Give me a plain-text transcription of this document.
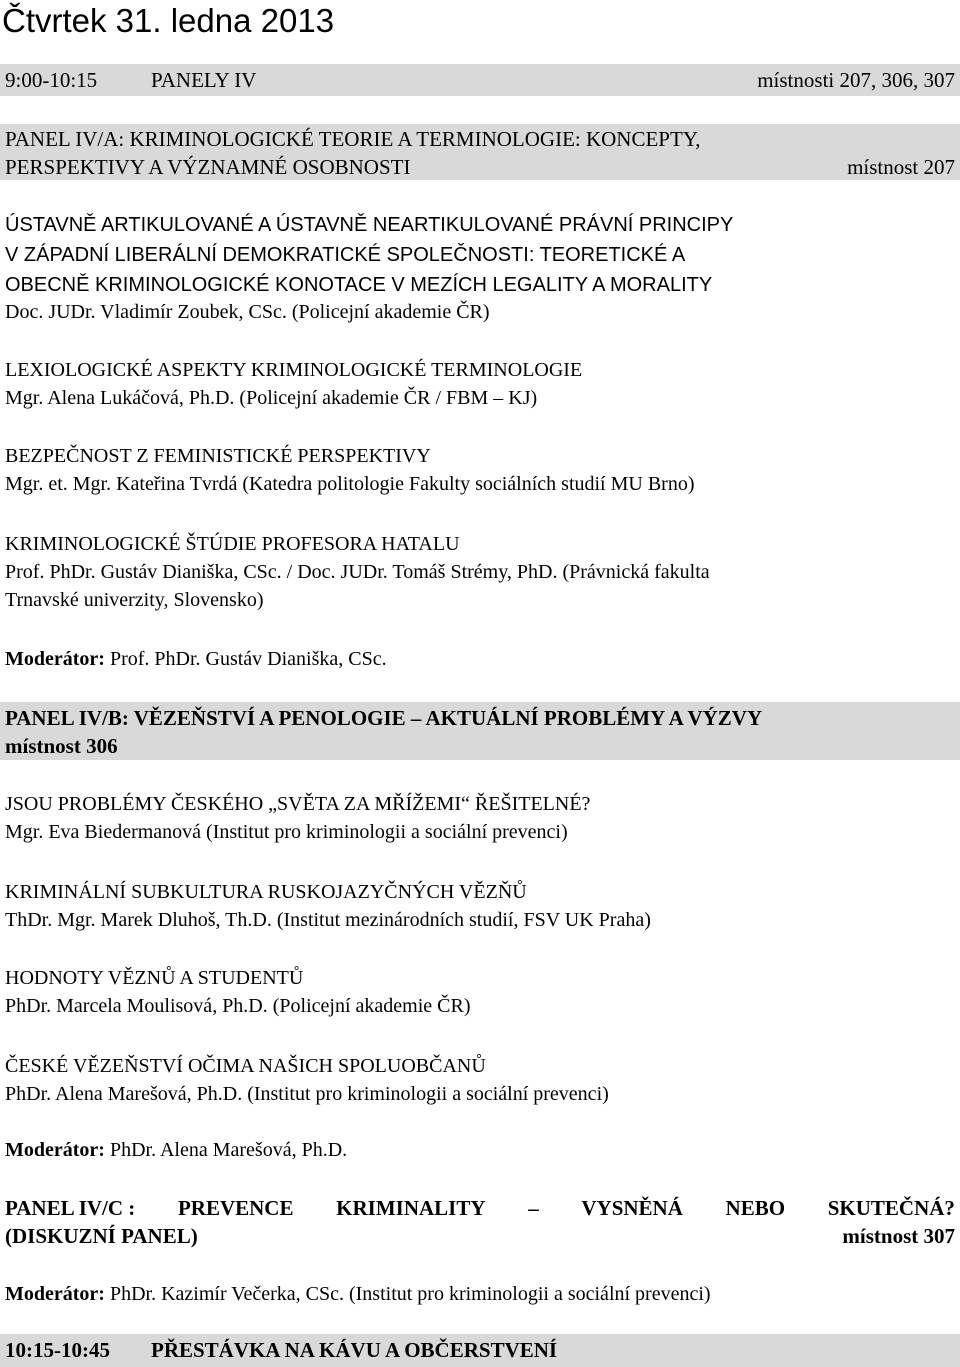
Čtvrtek 31. ledna 2013
9:00-10:15	PANELY IV	místnosti 207, 306, 307
PANEL IV/A: KRIMINOLOGICKÉ TEORIE A TERMINOLOGIE: KONCEPTY,
PERSPEKTIVY A VÝZNAMNÉ OSOBNOSTI	místnost 207
ÚSTAVNĚ ARTIKULOVANÉ A ÚSTAVNĚ NEARTIKULOVANÉ PRÁVNÍ PRINCIPY
V ZÁPADNÍ LIBERÁLNÍ DEMOKRATICKÉ SPOLEČNOSTI: TEORETICKÉ A
OBECNĚ KRIMINOLOGICKÉ KONOTACE V MEZÍCH LEGALITY A MORALITY
Doc. JUDr. Vladimír Zoubek, CSc. (Policejní akademie ČR)
LEXIOLOGICKÉ ASPEKTY KRIMINOLOGICKÉ TERMINOLOGIE
Mgr. Alena Lukáčová, Ph.D. (Policejní akademie ČR / FBM – KJ)
BEZPEČNOST Z FEMINISTICKÉ PERSPEKTIVY
Mgr. et. Mgr. Kateřina Tvrdá (Katedra politologie Fakulty sociálních studií MU Brno)
KRIMINOLOGICKÉ ŠTÚDIE PROFESORA HATALU
Prof. PhDr. Gustáv Dianiška, CSc. / Doc. JUDr. Tomáš Strémy, PhD. (Právnická fakulta
Trnavské univerzity, Slovensko)
Moderátor: Prof. PhDr. Gustáv Dianiška, CSc.
PANEL IV/B: VĚZEŇSTVÍ A PENOLOGIE – AKTUÁLNÍ PROBLÉMY A VÝZVY
místnost 306
JSOU PROBLÉMY ČESKÉHO „SVĚTA ZA MŘÍŽEMI“ ŘEŠITELNÉ?
Mgr. Eva Biedermanová (Institut pro kriminologii a sociální prevenci)
KRIMINÁLNÍ SUBKULTURA RUSKOJAZYČNÝCH VĚZŇŮ
ThDr. Mgr. Marek Dluhoš, Th.D. (Institut mezinárodních studií, FSV UK Praha)
HODNOTY VĚZNŮ A STUDENTŮ
PhDr. Marcela Moulisová, Ph.D. (Policejní akademie ČR)
ČESKÉ VĚZEŇSTVÍ OČIMA NAŠICH SPOLUOBČANŮ
PhDr. Alena Marešová, Ph.D. (Institut pro kriminologii a sociální prevenci)
Moderátor: PhDr. Alena Marešová, Ph.D.
PANEL IV/C : PREVENCE KRIMINALITY – VYSNĚNÁ NEBO SKUTEČNÁ?
(DISKUZNÍ PANEL)	místnost 307
Moderátor: PhDr. Kazimír Večerka, CSc. (Institut pro kriminologii a sociální prevenci)
10:15-10:45 PŘESTÁVKA NA KÁVU A OBČERSTVENÍ
